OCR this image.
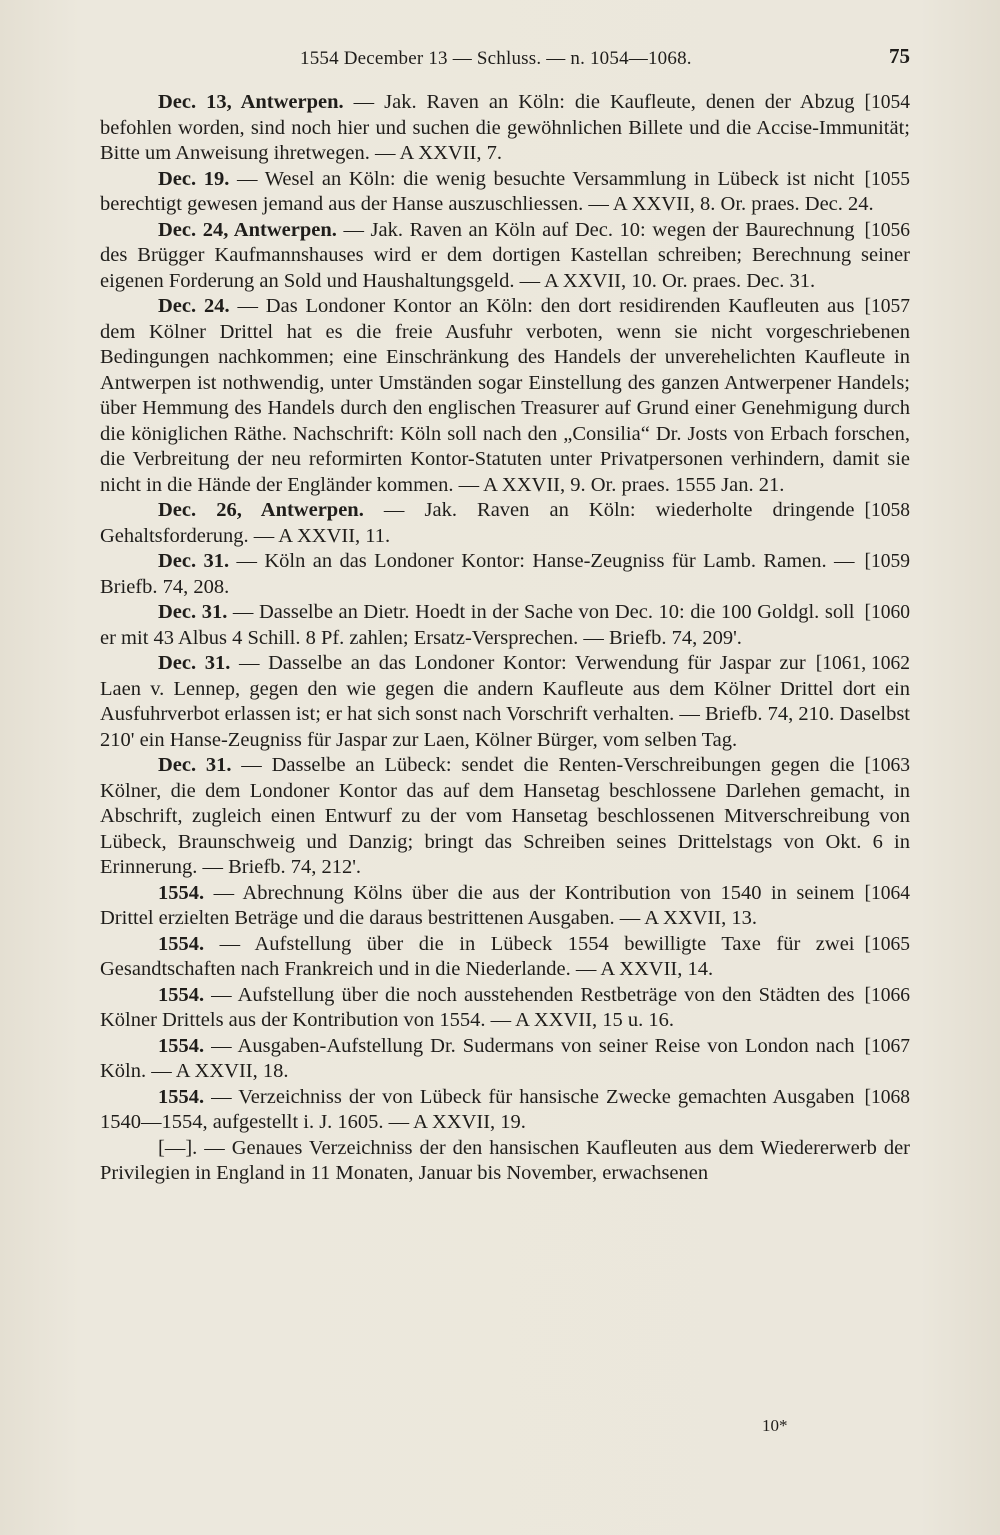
1554 December 13 — Schluss. — n. 1054—1068.	75

[1054
Dec. 13, Antwerpen. — Jak. Raven an Köln: die Kaufleute, denen der Abzug befohlen worden, sind noch hier und suchen die gewöhnlichen Billete und die Accise-Immunität; Bitte um Anweisung ihretwegen. — A XXVII, 7.

[1055
Dec. 19. — Wesel an Köln: die wenig besuchte Versammlung in Lübeck ist nicht berechtigt gewesen jemand aus der Hanse auszuschliessen. — A XXVII, 8. Or. praes. Dec. 24.

[1056
Dec. 24, Antwerpen. — Jak. Raven an Köln auf Dec. 10: wegen der Baurechnung des Brügger Kaufmannshauses wird er dem dortigen Kastellan schreiben; Berechnung seiner eigenen Forderung an Sold und Haushaltungsgeld. — A XXVII, 10. Or. praes. Dec. 31.

[1057
Dec. 24. — Das Londoner Kontor an Köln: den dort residirenden Kaufleuten aus dem Kölner Drittel hat es die freie Ausfuhr verboten, wenn sie nicht vorgeschriebenen Bedingungen nachkommen; eine Einschränkung des Handels der unverehelichten Kaufleute in Antwerpen ist nothwendig, unter Umständen sogar Einstellung des ganzen Antwerpener Handels; über Hemmung des Handels durch den englischen Treasurer auf Grund einer Genehmigung durch die königlichen Räthe. Nachschrift: Köln soll nach den „Consilia“ Dr. Josts von Erbach forschen, die Verbreitung der neu reformirten Kontor-Statuten unter Privatpersonen verhindern, damit sie nicht in die Hände der Engländer kommen. — A XXVII, 9. Or. praes. 1555 Jan. 21.

[1058
Dec. 26, Antwerpen. — Jak. Raven an Köln: wiederholte dringende Gehaltsforderung. — A XXVII, 11.

[1059
Dec. 31. — Köln an das Londoner Kontor: Hanse-Zeugniss für Lamb. Ramen. — Briefb. 74, 208.

[1060
Dec. 31. — Dasselbe an Dietr. Hoedt in der Sache von Dec. 10: die 100 Goldgl. soll er mit 43 Albus 4 Schill. 8 Pf. zahlen; Ersatz-Versprechen. — Briefb. 74, 209'.

[1061, 1062
Dec. 31. — Dasselbe an das Londoner Kontor: Verwendung für Jaspar zur Laen v. Lennep, gegen den wie gegen die andern Kaufleute aus dem Kölner Drittel dort ein Ausfuhrverbot erlassen ist; er hat sich sonst nach Vorschrift verhalten. — Briefb. 74, 210. Daselbst 210' ein Hanse-Zeugniss für Jaspar zur Laen, Kölner Bürger, vom selben Tag.

[1063
Dec. 31. — Dasselbe an Lübeck: sendet die Renten-Verschreibungen gegen die Kölner, die dem Londoner Kontor das auf dem Hansetag beschlossene Darlehen gemacht, in Abschrift, zugleich einen Entwurf zu der vom Hansetag beschlossenen Mitverschreibung von Lübeck, Braunschweig und Danzig; bringt das Schreiben seines Drittelstags von Okt. 6 in Erinnerung. — Briefb. 74, 212'.

[1064
1554. — Abrechnung Kölns über die aus der Kontribution von 1540 in seinem Drittel erzielten Beträge und die daraus bestrittenen Ausgaben. — A XXVII, 13.

[1065
1554. — Aufstellung über die in Lübeck 1554 bewilligte Taxe für zwei Gesandtschaften nach Frankreich und in die Niederlande. — A XXVII, 14.

[1066
1554. — Aufstellung über die noch ausstehenden Restbeträge von den Städten des Kölner Drittels aus der Kontribution von 1554. — A XXVII, 15 u. 16.

[1067
1554. — Ausgaben-Aufstellung Dr. Sudermans von seiner Reise von London nach Köln. — A XXVII, 18.

[1068
1554. — Verzeichniss der von Lübeck für hansische Zwecke gemachten Ausgaben 1540—1554, aufgestellt i. J. 1605. — A XXVII, 19.

[—]. — Genaues Verzeichniss der den hansischen Kaufleuten aus dem Wiedererwerb der Privilegien in England in 11 Monaten, Januar bis November, erwachsenen

10*
